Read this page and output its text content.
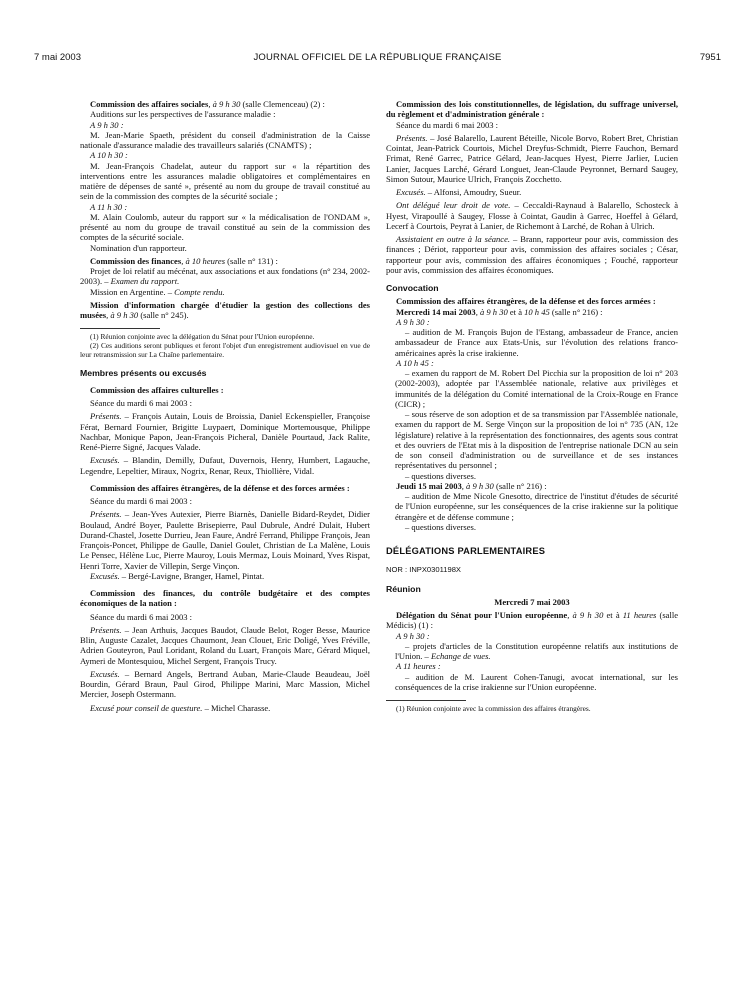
7 mai 2003	JOURNAL OFFICIEL DE LA RÉPUBLIQUE FRANÇAISE	7951

Commission des affaires sociales, à 9 h 30 (salle Clemenceau) (2) :

Auditions sur les perspectives de l'assurance maladie :

A 9 h 30 :

M. Jean-Marie Spaeth, président du conseil d'administration de la Caisse nationale d'assurance maladie des travailleurs salariés (CNAMTS) ;

A 10 h 30 :

M. Jean-François Chadelat, auteur du rapport sur « la répartition des interventions entre les assurances maladie obligatoires et complémentaires en matière de dépenses de santé », présenté au nom du groupe de travail constitué au sein de la commission des comptes de la sécurité sociale ;

A 11 h 30 :

M. Alain Coulomb, auteur du rapport sur « la médicalisation de l'ONDAM », présenté au nom du groupe de travail constitué au sein de la commission des comptes de la sécurité sociale.

Nomination d'un rapporteur.

Commission des finances, à 10 heures (salle n° 131) :

Projet de loi relatif au mécénat, aux associations et aux fondations (n° 234, 2002-2003). – Examen du rapport.

Mission en Argentine. – Compte rendu.

Mission d'information chargée d'étudier la gestion des collections des musées, à 9 h 30 (salle n° 245).

(1) Réunion conjointe avec la délégation du Sénat pour l'Union européenne.

(2) Ces auditions seront publiques et feront l'objet d'un enregistrement audiovisuel en vue de leur retransmission sur La Chaîne parlementaire.

Membres présents ou excusés

Commission des affaires culturelles :

Séance du mardi 6 mai 2003 :

Présents. – François Autain, Louis de Broissia, Daniel Eckenspieller, Françoise Férat, Bernard Fournier, Brigitte Luypaert, Dominique Mortemousque, Philippe Nachbar, Monique Papon, Jean-François Picheral, Danièle Pourtaud, Jack Ralite, René-Pierre Signé, Jacques Valade.

Excusés. – Blandin, Demilly, Dufaut, Duvernois, Henry, Humbert, Lagauche, Legendre, Lepeltier, Miraux, Nogrix, Renar, Reux, Thiollière, Vidal.

Commission des affaires étrangères, de la défense et des forces armées :

Séance du mardi 6 mai 2003 :

Présents. – Jean-Yves Autexier, Pierre Biarnès, Danielle Bidard-Reydet, Didier Boulaud, André Boyer, Paulette Brisepierre, Paul Dubrule, André Dulait, Hubert Durand-Chastel, Josette Durrieu, Jean Faure, André Ferrand, Philippe François, Jean François-Poncet, Philippe de Gaulle, Daniel Goulet, Christian de La Malène, Louis Le Pensec, Hélène Luc, Pierre Mauroy, Louis Mermaz, Louis Moinard, Yves Rispat, Henri Torre, Xavier de Villepin, Serge Vinçon.

Excusés. – Bergé-Lavigne, Branger, Hamel, Pintat.

Commission des finances, du contrôle budgétaire et des comptes économiques de la nation :

Séance du mardi 6 mai 2003 :

Présents. – Jean Arthuis, Jacques Baudot, Claude Belot, Roger Besse, Maurice Blin, Auguste Cazalet, Jacques Chaumont, Jean Clouet, Eric Doligé, Yves Fréville, Adrien Gouteyron, Paul Loridant, Roland du Luart, François Marc, Gérard Miquel, Aymeri de Montesquiou, Michel Sergent, François Trucy.

Excusés. – Bernard Angels, Bertrand Auban, Marie-Claude Beaudeau, Joël Bourdin, Gérard Braun, Paul Girod, Philippe Marini, Marc Massion, Michel Mercier, Joseph Ostermann.

Excusé pour conseil de questure. – Michel Charasse.

Commission des lois constitutionnelles, de législation, du suffrage universel, du règlement et d'administration générale :

Séance du mardi 6 mai 2003 :

Présents. – José Balarello, Laurent Béteille, Nicole Borvo, Robert Bret, Christian Cointat, Jean-Patrick Courtois, Michel Dreyfus-Schmidt, Pierre Fauchon, Bernard Frimat, René Garrec, Patrice Gélard, Jean-Jacques Hyest, Pierre Jarlier, Lucien Lanier, Jacques Larché, Gérard Longuet, Jean-Claude Peyronnet, Bernard Saugey, Simon Sutour, Maurice Ulrich, François Zocchetto.

Excusés. – Alfonsi, Amoudry, Sueur.

Ont délégué leur droit de vote. – Ceccaldi-Raynaud à Balarello, Schosteck à Hyest, Virapoullé à Saugey, Flosse à Cointat, Gaudin à Garrec, Hoeffel à Gélard, Lecerf à Courtois, Peyrat à Lanier, de Richemont à Larché, de Rohan à Ulrich.

Assistaient en outre à la séance. – Brann, rapporteur pour avis, commission des finances ; Dériot, rapporteur pour avis, commission des affaires sociales ; César, rapporteur pour avis, commission des affaires économiques ; Fouché, rapporteur pour avis, commission des affaires économiques.

Convocation

Commission des affaires étrangères, de la défense et des forces armées :

Mercredi 14 mai 2003, à 9 h 30 et à 10 h 45 (salle n° 216) :

A 9 h 30 :

– audition de M. François Bujon de l'Estang, ambassadeur de France, ancien ambassadeur de France aux Etats-Unis, sur l'évolution des relations franco-américaines après la crise irakienne.

A 10 h 45 :

– examen du rapport de M. Robert Del Picchia sur la proposition de loi n° 203 (2002-2003), adoptée par l'Assemblée nationale, relative aux privilèges et immunités de la délégation du Comité international de la Croix-Rouge en France (CICR) ;

– sous réserve de son adoption et de sa transmission par l'Assemblée nationale, examen du rapport de M. Serge Vinçon sur la proposition de loi n° 735 (AN, 12e législature) relative à la représentation des fonctionnaires, des agents sous contrat et des ouvriers de l'Etat mis à la disposition de l'entreprise nationale DCN au sein de son conseil d'administration ou de surveillance et de ses instances représentatives du personnel ;

– questions diverses.

Jeudi 15 mai 2003, à 9 h 30 (salle n° 216) :

– audition de Mme Nicole Gnesotto, directrice de l'institut d'études de sécurité de l'Union européenne, sur les conséquences de la crise irakienne sur la politique étrangère et de défense commune ;

– questions diverses.

DÉLÉGATIONS PARLEMENTAIRES

NOR : INPX0301198X

Réunion

Mercredi 7 mai 2003

Délégation du Sénat pour l'Union européenne, à 9 h 30 et à 11 heures (salle Médicis) (1) :

A 9 h 30 :

– projets d'articles de la Constitution européenne relatifs aux institutions de l'Union. – Echange de vues.

A 11 heures :

– audition de M. Laurent Cohen-Tanugi, avocat international, sur les conséquences de la crise irakienne sur l'Union européenne.

(1) Réunion conjointe avec la commission des affaires étrangères.
